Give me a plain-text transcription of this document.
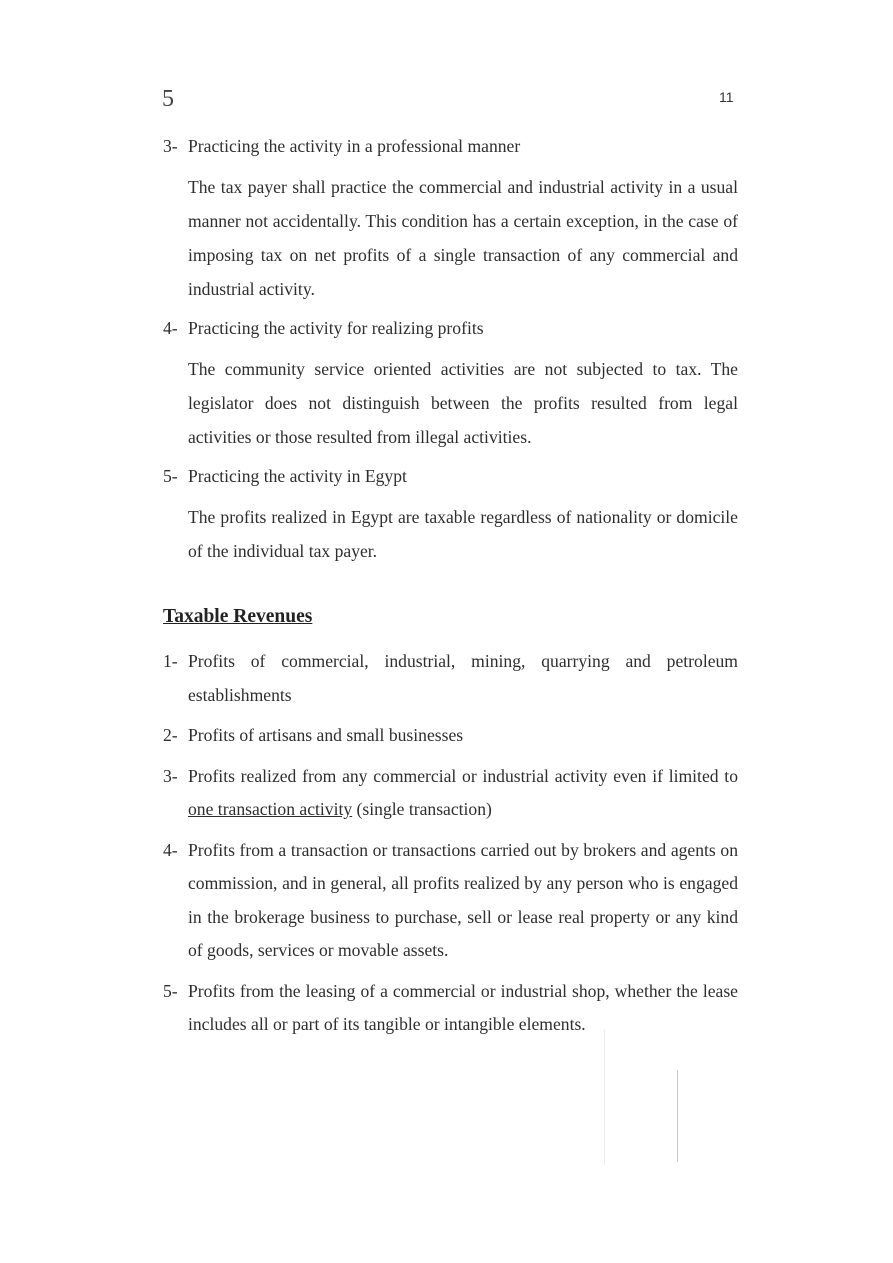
5	11
3- Practicing the activity in a professional manner
The tax payer shall practice the commercial and industrial activity in a usual manner not accidentally. This condition has a certain exception, in the case of imposing tax on net profits of a single transaction of any commercial and industrial activity.
4- Practicing the activity for realizing profits
The community service oriented activities are not subjected to tax. The legislator does not distinguish between the profits resulted from legal activities or those resulted from illegal activities.
5- Practicing the activity in Egypt
The profits realized in Egypt are taxable regardless of nationality or domicile of the individual tax payer.
Taxable Revenues
1- Profits of commercial, industrial, mining, quarrying and petroleum establishments
2- Profits of artisans and small businesses
3- Profits realized from any commercial or industrial activity even if limited to one transaction activity (single transaction)
4- Profits from a transaction or transactions carried out by brokers and agents on commission, and in general, all profits realized by any person who is engaged in the brokerage business to purchase, sell or lease real property or any kind of goods, services or movable assets.
5- Profits from the leasing of a commercial or industrial shop, whether the lease includes all or part of its tangible or intangible elements.
